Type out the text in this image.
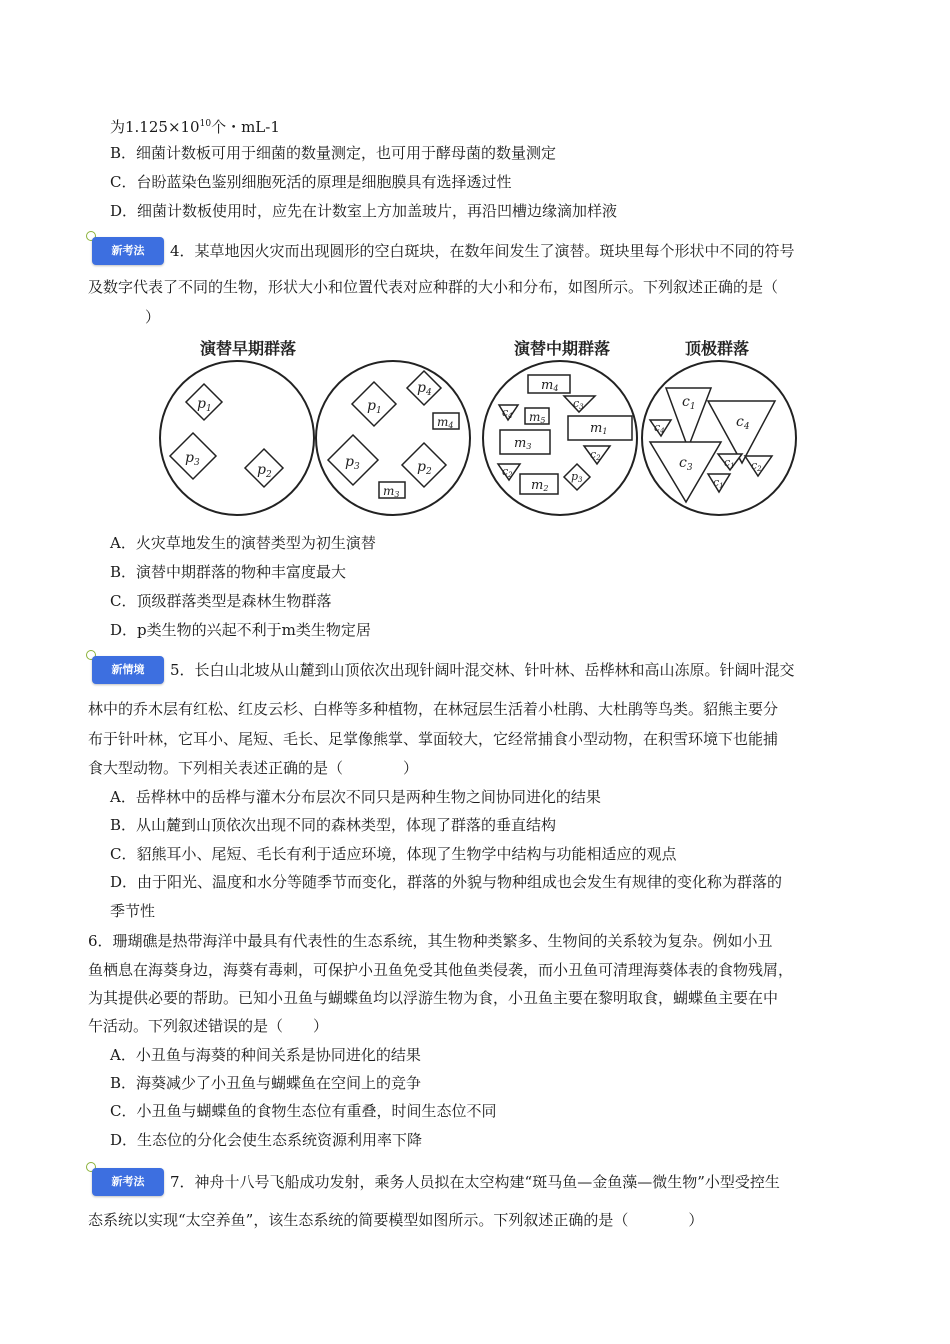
为$1.125\times 10^{10}$个・mL-1
B．细菌计数板可用于细菌的数量测定，也可用于酵母菌的数量测定
C．台盼蓝染色鉴别细胞死活的原理是细胞膜具有选择透过性
D．细菌计数板使用时，应先在计数室上方加盖玻片，再沿凹槽边缘滴加样液
新考法	4．某草地因火灾而出现圆形的空白斑块，在数年间发生了演替。斑块里每个形状中不同的符号
及数字代表了不同的生物，形状大小和位置代表对应种群的大小和分布，如图所示。下列叙述正确的是（
）
演替早期群落	演替中期群落	顶极群落
$p_1$
$p_3$	$p_2$
$p_1$
$p_4$
m4
$p_3$	$p_2$
m3
m4
c3
c4 m5
m1
m3
c2
c2
m2
p3
$c_1$
$c_4$
c4
$c_3$	c1 c2
c1
A．火灾草地发生的演替类型为初生演替
B．演替中期群落的物种丰富度最大
C．顶级群落类型是森林生物群落
D．p类生物的兴起不利于m类生物定居
新情境	5．长白山北坡从山麓到山顶依次出现针阔叶混交林、针叶林、岳桦林和高山冻原。针阔叶混交
林中的乔木层有红松、红皮云杉、白桦等多种植物，在林冠层生活着小杜鹃、大杜鹃等鸟类。貂熊主要分
布于针叶林，它耳小、尾短、毛长、足掌像熊掌、掌面较大，它经常捕食小型动物，在积雪环境下也能捕
食大型动物。下列相关表述正确的是（　　　　）
A．岳桦林中的岳桦与灌木分布层次不同只是两种生物之间协同进化的结果
B．从山麓到山顶依次出现不同的森林类型，体现了群落的垂直结构
C．貂熊耳小、尾短、毛长有利于适应环境，体现了生物学中结构与功能相适应的观点
D．由于阳光、温度和水分等随季节而变化，群落的外貌与物种组成也会发生有规律的变化称为群落的
季节性
6．珊瑚礁是热带海洋中最具有代表性的生态系统，其生物种类繁多、生物间的关系较为复杂。例如小丑
鱼栖息在海葵身边，海葵有毒刺，可保护小丑鱼免受其他鱼类侵袭，而小丑鱼可清理海葵体表的食物残屑，
为其提供必要的帮助。已知小丑鱼与蝴蝶鱼均以浮游生物为食，小丑鱼主要在黎明取食，蝴蝶鱼主要在中
午活动。下列叙述错误的是（　　）
A．小丑鱼与海葵的种间关系是协同进化的结果
B．海葵减少了小丑鱼与蝴蝶鱼在空间上的竞争
C．小丑鱼与蝴蝶鱼的食物生态位有重叠，时间生态位不同
D．生态位的分化会使生态系统资源利用率下降
新考法	7．神舟十八号飞船成功发射，乘务人员拟在太空构建“斑马鱼—金鱼藻—微生物”小型受控生
态系统以实现“太空养鱼”，该生态系统的简要模型如图所示。下列叙述正确的是（　　　　）
